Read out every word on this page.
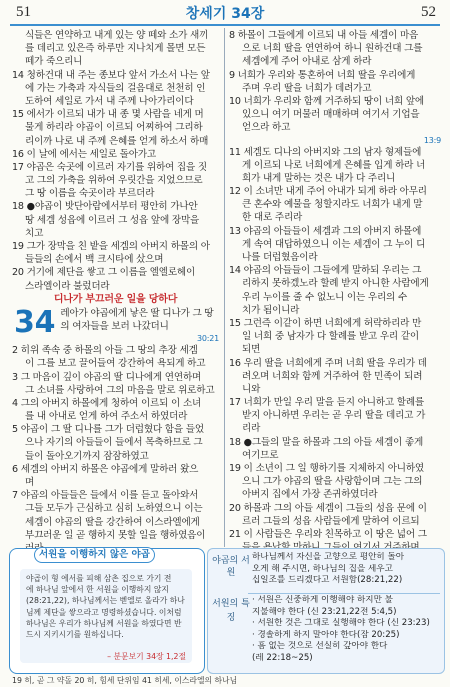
51	창세기 34장	52
식들은 연약하고 내게 있는 양 떼와 소가 새끼
를 데리고 있은즉 하루만 지나치게 몰면 모든
떼가 죽으리니
14 청하건대 내 주는 종보다 앞서 가소서 나는 앞
에 가는 가축과 자식들의 걸음대로 천천히 인
도하여 세일로 가서 내 주께 나아가리이다
15 에서가 이르되 내가 내 종 몇 사람을 네게 머
물게 하리라 야곱이 이르되 어찌하여 그리하
리이까 나로 내 주께 은혜를 얻게 하소서 하매
16 이 날에 에서는 세일로 돌아가고
17 야곱은 숙곳에 이르러 자기를 위하여 집을 짓
고 그의 가축을 위하여 우릿간을 지었으므로
그 땅 이름을 숙곳이라 부르더라
18 ●야곱이 밧단아람에서부터 평안히 가나안
땅 세겜 성읍에 이르러 그 성읍 앞에 장막을
치고
19 그가 장막을 친 밭을 세겜의 아버지 하몰의 아
들들의 손에서 백 크시타에 샀으며
20 거기에 제단을 쌓고 그 이름을 엘엘로헤이
스라엘이라 불렀더라
디나가 부끄러운 일을 당하다
34 레아가 야곱에게 낳은 딸 디나가 그 땅
의 여자들을 보러 나갔더니
30:21
2 히위 족속 중 하몰의 아들 그 땅의 추장 세겜
이 그를 보고 끌어들여 강간하여 욕되게 하고
3 그 마음이 깊이 야곱의 딸 디나에게 연연하며
그 소녀를 사랑하여 그의 마음을 말로 위로하고
4 그의 아버지 하몰에게 청하여 이르되 이 소녀
를 내 아내로 얻게 하여 주소서 하였더라
5 야곱이 그 딸 디나를 그가 더럽혔다 함을 들었
으나 자기의 아들들이 들에서 목축하므로 그
들이 돌아오기까지 잠잠하였고
6 세겜의 아버지 하몰은 야곱에게 말하러 왔으
며
7 야곱의 아들들은 들에서 이를 듣고 돌아와서
그들 모두가 근심하고 심히 노하였으니 이는
세겜이 야곱의 딸을 강간하여 이스라엘에게
부끄러운 일 곧 행하지 못할 일을 행하였음이
8 하몰이 그들에게 이르되 내 아들 세겜이 마음
으로 너희 딸을 연연하여 하니 원하건대 그를
세겜에게 주어 아내로 삼게 하라
9 너희가 우리와 통혼하여 너희 딸을 우리에게
주며 우리 딸을 너희가 데려가고
10 너희가 우리와 함께 거주하되 땅이 너희 앞에
있으니 여기 머물러 매매하며 여기서 기업을
얻으라 하고
13:9
11 세겜도 디나의 아버지와 그의 남자 형제들에
게 이르되 나로 너희에게 은혜를 입게 하라 너
희가 내게 말하는 것은 내가 다 주리니
12 이 소녀만 내게 주어 아내가 되게 하라 아무리
큰 혼수와 예물을 청할지라도 너희가 내게 말
한 대로 주리라
13 야곱의 아들들이 세겜과 그의 아버지 하몰에
게 속여 대답하였으니 이는 세겜이 그 누이 디
나를 더럽혔음이라
14 야곱의 아들들이 그들에게 말하되 우리는 그
리하지 못하겠노라 할례 받지 아니한 사람에게
우리 누이를 줄 수 없노니 이는 우리의 수
치가 됨이니라
15 그런즉 이같이 하면 너희에게 허락하리라 만
일 너희 중 남자가 다 할례를 받고 우리 같이
되면
16 우리 딸을 너희에게 주며 너희 딸을 우리가 데
려오며 너희와 함께 거주하여 한 민족이 되려
니와
17 너희가 만일 우리 말을 듣지 아니하고 할례를
받지 아니하면 우리는 곧 우리 딸을 데리고 가
리라
18 ●그들의 말을 하몰과 그의 아들 세겜이 좋게
여기므로
19 이 소년이 그 일 행하기를 지체하지 아니하였
으니 그가 야곱의 딸을 사랑함이며 그는 그의
아버지 집에서 가장 존귀하였더라
20 하몰과 그의 아들 세겜이 그들의 성읍 문에 이
르러 그들의 성읍 사람들에게 말하여 이르되
21 이 사람들은 우리와 친목하고 이 땅은 넓어 그
서원을 이행하지 않은 야곱
야곱이 형 에서를 피해 삼촌 집으로 가기 전
에 하나님 앞에서 한 서원을 이행하지 않지
(28:21,22), 하나님께서는 벧엘로 올라가 하나
님께 제단을 쌓으라고 명령하셨습니다. 이처럼
하나님은 우리가 하나님께 서원을 하였다면 반
드시 지키시기를 원하십니다.

– 분문보기 34장 1,2절
야곱의 서원
하나님께서 자신을 고향으로 평안히 돌아
오게 해 주시면, 하나님의 집을 세우고
십일조를 드리겠다고 서원함(28:21,22)
서원의 특징
· 서원은 신중하게 이행해야 하지만 불
지불해야 한다 (신 23:21,22전 5:4,5)
· 서원한 것은 그대로 실행해야 한다 (신 23:23)
· 경솔하게 하지 말아야 한다(잠 20:25)
· 흠 없는 것으로 선실히 갚아야 한다
(레 22:18~25)
19 히, 곧 그 약돌 20 히, 힘세 단위임 41 히세, 이스라엘의 하나님
